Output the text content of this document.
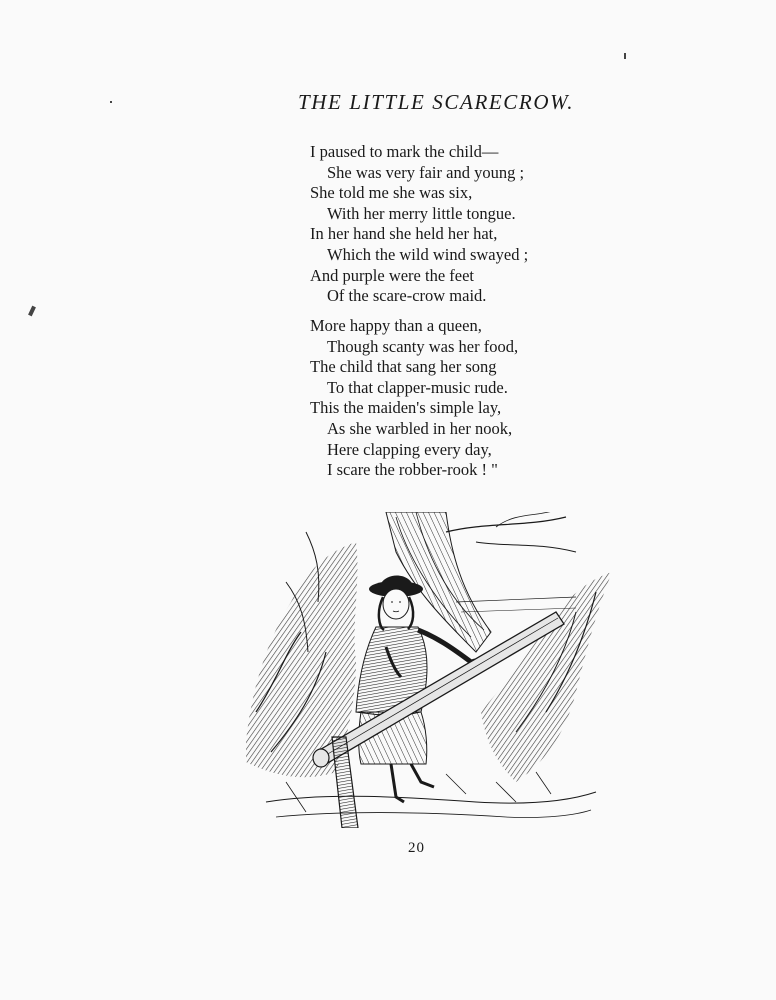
THE LITTLE SCARECROW.
I paused to mark the child—
She was very fair and young ;
She told me she was six,
With her merry little tongue.
In her hand she held her hat,
Which the wild wind swayed ;
And purple were the feet
Of the scare-crow maid.
More happy than a queen,
Though scanty was her food,
The child that sang her song
To that clapper-music rude.
This the maiden's simple lay,
As she warbled in her nook,
Here clapping every day,
I scare the robber-rook ! "
20
